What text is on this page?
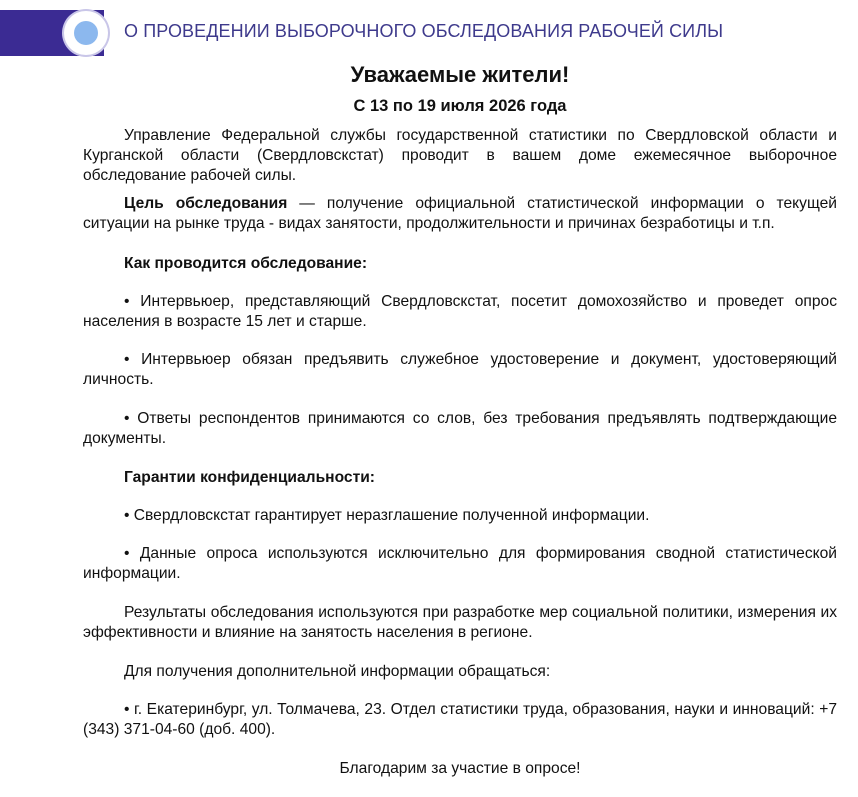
О ПРОВЕДЕНИИ ВЫБОРОЧНОГО ОБСЛЕДОВАНИЯ РАБОЧЕЙ СИЛЫ
Уважаемые жители!
С 13 по 19 июля 2026 года

Управление Федеральной службы государственной статистики по Свердловской области и Курганской области (Свердловскстат) проводит в вашем доме ежемесячное выборочное обследование рабочей силы.

Цель обследования — получение официальной статистической информации о текущей ситуации на рынке труда - видах занятости, продолжительности и причинах безработицы и т.п.

Как проводится обследование:

• Интервьюер, представляющий Свердловскстат, посетит домохозяйство и проведет опрос населения в возрасте 15 лет и старше.

• Интервьюер обязан предъявить служебное удостоверение и документ, удостоверяющий личность.

• Ответы респондентов принимаются со слов, без требования предъявлять подтверждающие документы.

Гарантии конфиденциальности:

• Свердловскстат гарантирует неразглашение полученной информации.

• Данные опроса используются исключительно для формирования сводной статистической информации.

Результаты обследования используются при разработке мер социальной политики, измерения их эффективности и влияние на занятость населения в регионе.

Для получения дополнительной информации обращаться:

• г. Екатеринбург, ул. Толмачева, 23. Отдел статистики труда, образования, науки и инноваций: +7 (343) 371-04-60 (доб. 400).

Благодарим за участие в опросе!
